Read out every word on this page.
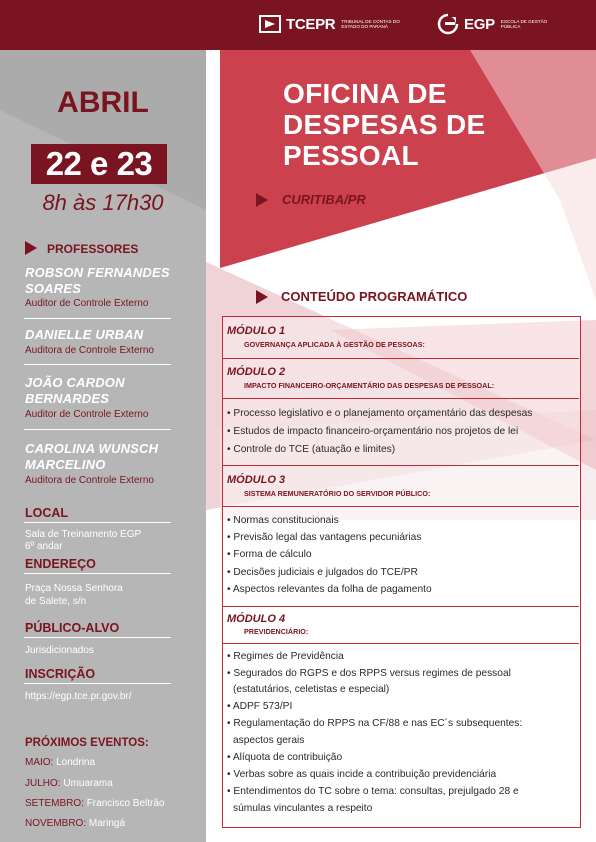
TCEPR TRIBUNAL DE CONTAS DO ESTADO DO PARANÁ	EGP ESCOLA DE GESTÃO PÚBLICA
ABRIL
22 e 23
8h às 17h30
PROFESSORES
ROBSON FERNANDES
SOARES
Auditor de Controle Externo
DANIELLE URBAN
Auditora de Controle Externo
JOÃO CARDON
BERNARDES
Auditor de Controle Externo
CAROLINA WUNSCH
MARCELINO
Auditora de Controle Externo
LOCAL
Sala de Treinamento EGP
6º andar
ENDEREÇO
Praça Nossa Senhora
de Salete, s/n
PÚBLICO-ALVO
Jurisdicionados
INSCRIÇÃO
https://egp.tce.pr.gov.br/
PRÓXIMOS EVENTOS:
MAIO: Londrina
JULHO: Umuarama
SETEMBRO: Francisco Beltrão
NOVEMBRO: Maringá
OFICINA DE
DESPESAS DE
PESSOAL
CURITIBA/PR
CONTEÚDO PROGRAMÁTICO
MÓDULO 1
GOVERNANÇA APLICADA À GESTÃO DE PESSOAS:
MÓDULO 2
IMPACTO FINANCEIRO-ORÇAMENTÁRIO DAS DESPESAS DE PESSOAL:
• Processo legislativo e o planejamento orçamentário das despesas
• Estudos de impacto financeiro-orçamentário nos projetos de lei
• Controle do TCE (atuação e limites)
MÓDULO 3
SISTEMA REMUNERATÓRIO DO SERVIDOR PÚBLICO:
• Normas constitucionais
• Previsão legal das vantagens pecuniárias
• Forma de cálculo
• Decisões judiciais e julgados do TCE/PR
• Aspectos relevantes da folha de pagamento
MÓDULO 4
PREVIDENCIÁRIO:
• Regimes de Previdência
• Segurados do RGPS e dos RPPS versus regimes de pessoal
(estatutários, celetistas e especial)
• ADPF 573/PI
• Regulamentação do RPPS na CF/88 e nas EC´s subsequentes:
aspectos gerais
• Alíquota de contribuição
• Verbas sobre as quais incide a contribuição previdenciária
• Entendimentos do TC sobre o tema: consultas, prejulgado 28 e
súmulas vinculantes a respeito
